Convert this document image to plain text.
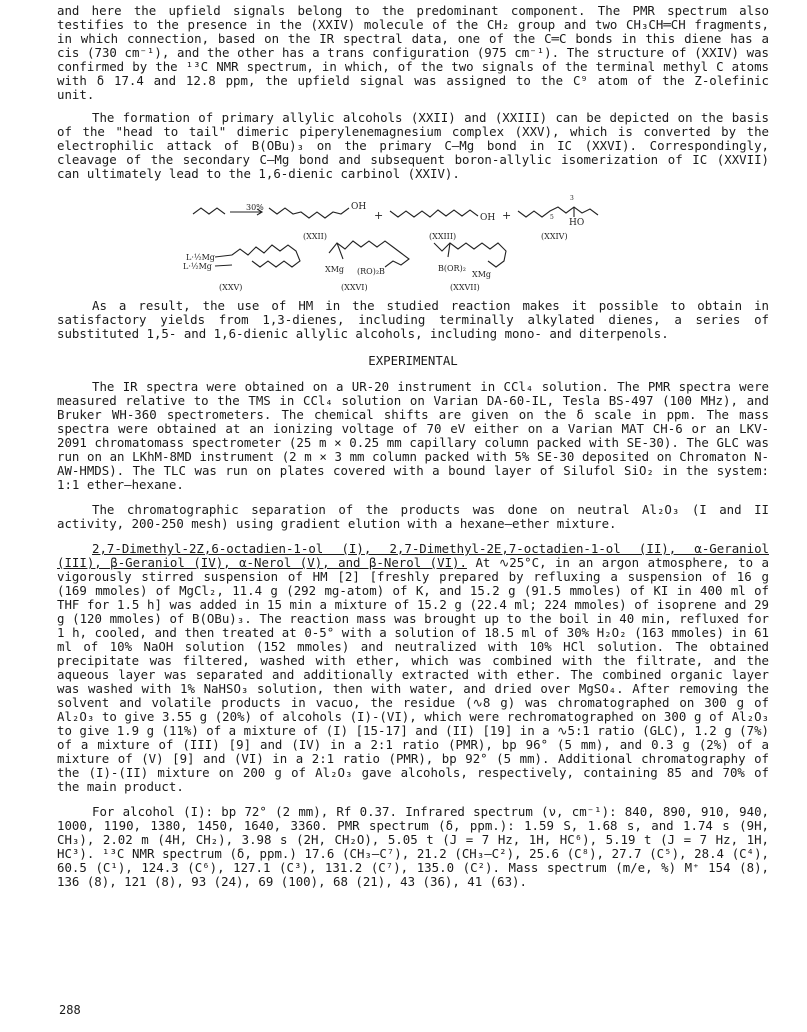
and here the upfield signals belong to the predominant component. The PMR spectrum also testifies to the presence in the (XXIV) molecule of the CH₂ group and two CH₃CH═CH fragments, in which connection, based on the IR spectral data, one of the C═C bonds in this diene has a cis (730 cm⁻¹), and the other has a trans configuration (975 cm⁻¹). The structure of (XXIV) was confirmed by the ¹³C NMR spectrum, in which, of the two signals of the terminal methyl C atoms with δ 17.4 and 12.8 ppm, the upfield signal was assigned to the C⁹ atom of the Z-olefinic unit.

The formation of primary allylic alcohols (XXII) and (XXIII) can be depicted on the basis of the "head to tail" dimeric piperylenemagnesium complex (XXV), which is converted by the electrophilic attack of B(OBu)₃ on the primary C–Mg bond in IC (XXVI). Correspondingly, cleavage of the secondary C–Mg bond and subsequent boron-allylic isomerization of IC (XXVII) can ultimately lead to the 1,6-dienic carbinol (XXIV).

30%	OH
+	OH +
HO
3
5
(XXII)	(XXIII)	(XXIV)
L·½Mg
L·½Mg	XMg (RO)₂B	B(OR)₂
XMg
(XXV)	(XXVI)	(XXVII)

As a result, the use of HM in the studied reaction makes it possible to obtain in satisfactory yields from 1,3-dienes, including terminally alkylated dienes, a series of substituted 1,5- and 1,6-dienic allylic alcohols, including mono- and diterpenols.

EXPERIMENTAL

The IR spectra were obtained on a UR-20 instrument in CCl₄ solution. The PMR spectra were measured relative to the TMS in CCl₄ solution on Varian DA-60-IL, Tesla BS-497 (100 MHz), and Bruker WH-360 spectrometers. The chemical shifts are given on the δ scale in ppm. The mass spectra were obtained at an ionizing voltage of 70 eV either on a Varian MAT CH-6 or an LKV-2091 chromatomass spectrometer (25 m × 0.25 mm capillary column packed with SE-30). The GLC was run on an LKhM-8MD instrument (2 m × 3 mm column packed with 5% SE-30 deposited on Chromaton N-AW-HMDS). The TLC was run on plates covered with a bound layer of Silufol SiO₂ in the system: 1:1 ether–hexane.

The chromatographic separation of the products was done on neutral Al₂O₃ (I and II activity, 200-250 mesh) using gradient elution with a hexane–ether mixture.

2,7-Dimethyl-2Z,6-octadien-1-ol (I), 2,7-Dimethyl-2E,7-octadien-1-ol (II), α-Geraniol (III), β-Geraniol (IV), α-Nerol (V), and β-Nerol (VI). At ∿25°C, in an argon atmosphere, to a vigorously stirred suspension of HM [2] [freshly prepared by refluxing a suspension of 16 g (169 mmoles) of MgCl₂, 11.4 g (292 mg-atom) of K, and 15.2 g (91.5 mmoles) of KI in 400 ml of THF for 1.5 h] was added in 15 min a mixture of 15.2 g (22.4 ml; 224 mmoles) of isoprene and 29 g (120 mmoles) of B(OBu)₃. The reaction mass was brought up to the boil in 40 min, refluxed for 1 h, cooled, and then treated at 0-5° with a solution of 18.5 ml of 30% H₂O₂ (163 mmoles) in 61 ml of 10% NaOH solution (152 mmoles) and neutralized with 10% HCl solution. The obtained precipitate was filtered, washed with ether, which was combined with the filtrate, and the aqueous layer was separated and additionally extracted with ether. The combined organic layer was washed with 1% NaHSO₃ solution, then with water, and dried over MgSO₄. After removing the solvent and volatile products in vacuo, the residue (∿8 g) was chromatographed on 300 g of Al₂O₃ to give 3.55 g (20%) of alcohols (I)-(VI), which were rechromatographed on 300 g of Al₂O₃ to give 1.9 g (11%) of a mixture of (I) [15-17] and (II) [19] in a ∿5:1 ratio (GLC), 1.2 g (7%) of a mixture of (III) [9] and (IV) in a 2:1 ratio (PMR), bp 96° (5 mm), and 0.3 g (2%) of a mixture of (V) [9] and (VI) in a 2:1 ratio (PMR), bp 92° (5 mm). Additional chromatography of the (I)-(II) mixture on 200 g of Al₂O₃ gave alcohols, respectively, containing 85 and 70% of the main product.

For alcohol (I): bp 72° (2 mm), Rf 0.37. Infrared spectrum (ν, cm⁻¹): 840, 890, 910, 940, 1000, 1190, 1380, 1450, 1640, 3360. PMR spectrum (δ, ppm.): 1.59 S, 1.68 s, and 1.74 s (9H, CH₃), 2.02 m (4H, CH₂), 3.98 s (2H, CH₂O), 5.05 t (J = 7 Hz, 1H, HC⁶), 5.19 t (J = 7 Hz, 1H, HC³). ¹³C NMR spectrum (δ, ppm.) 17.6 (CH₃–C⁷), 21.2 (CH₃–C²), 25.6 (C⁸), 27.7 (C⁵), 28.4 (C⁴), 60.5 (C¹), 124.3 (C⁶), 127.1 (C³), 131.2 (C⁷), 135.0 (C²). Mass spectrum (m/e, %) M⁺ 154 (8), 136 (8), 121 (8), 93 (24), 69 (100), 68 (21), 43 (36), 41 (63).

288
